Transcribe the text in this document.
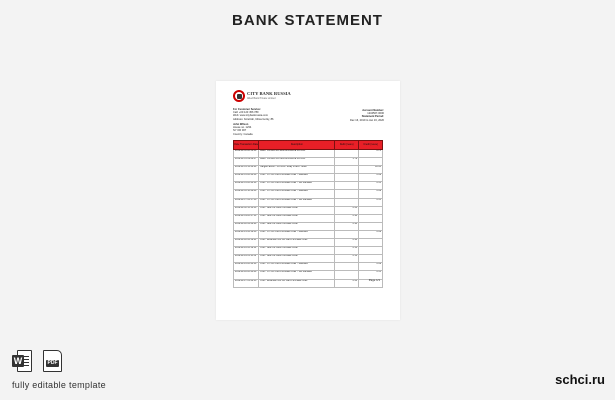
BANK STATEMENT
CITY BANK RUSSIA
Allied Bank Private Limited
For Customer Service:
Call: +00 123 456 789
Web: www.citybankrussia.com
Address: Kotelniki, Ulitsa Gorky, 86
Account Number:
1234567-0000
Statement Period:
Dec 16, 2019 to Jan 16, 2020
John Wilson
House no. 1234
NY OR 007
Country: Canada
Date Transaction Date	Description	Debit (тенге)	Credit (тенге)
2019-12-12 20:56:30	EBAY O-ZA03-2379880 ALLIANCE PAYPAL		27.0
2019-12-13 09:22:07	EBAY O-ZA03-5372983 ALLIANCE PAYPAL	5.78	
2019-12-14 14:40:20	Bargain Event - PAYPAL / eBay Pharm. SoRe		20.00
2019-12-15 20:44:30	Fine - NY CR Cred Purchase Order - Standard		0.99
2019-12-15 20:44:10	Fine - NY CR Cred Purchase Order - Tax Standard		0.15
2019-12-16 16:40:40	Fine - NY CR Cred Purchase Order - Standard		0.99
2019-12-17 04:17:56	Fine - NY CR Cred Purchase Order - Tax Standard		0.15
2019-12-18 13:13:30	Fine - New CR Card Purchase Order	0.45	
2019-12-19 20:47:10	Fine - New CR Card Purchase Order	0.95	
2019-12-20 04:40:20	Fine - New CR Card Purchase Order	0.95	
2019-12-21 02:18:36	Fine - NY CR Cred Purchase Order - Standard		0.99
2019-12-22 02:19:21	Fine - Reversal from CR Card Purchase Order	0.95	
2019-12-23 03:19:14	Fine - New CR Card Purchase Order	0.15	
2019-12-24 01:11:50	Fine - New CR Card Purchase Order	0.15	
2019-12-25 20:44:10	Fine - NY CR Cred Purchase Order - Standard		0.99
2019-12-26 20:44:40	Fine - NY CR Cred Purchase Order - Tax Standard		0.15
2019-12-27 01:40:13	Fine - Reversal from CR Card Purchase Order	0.45		Page 1/1
W	PDF
fully editable template	schci.ru
